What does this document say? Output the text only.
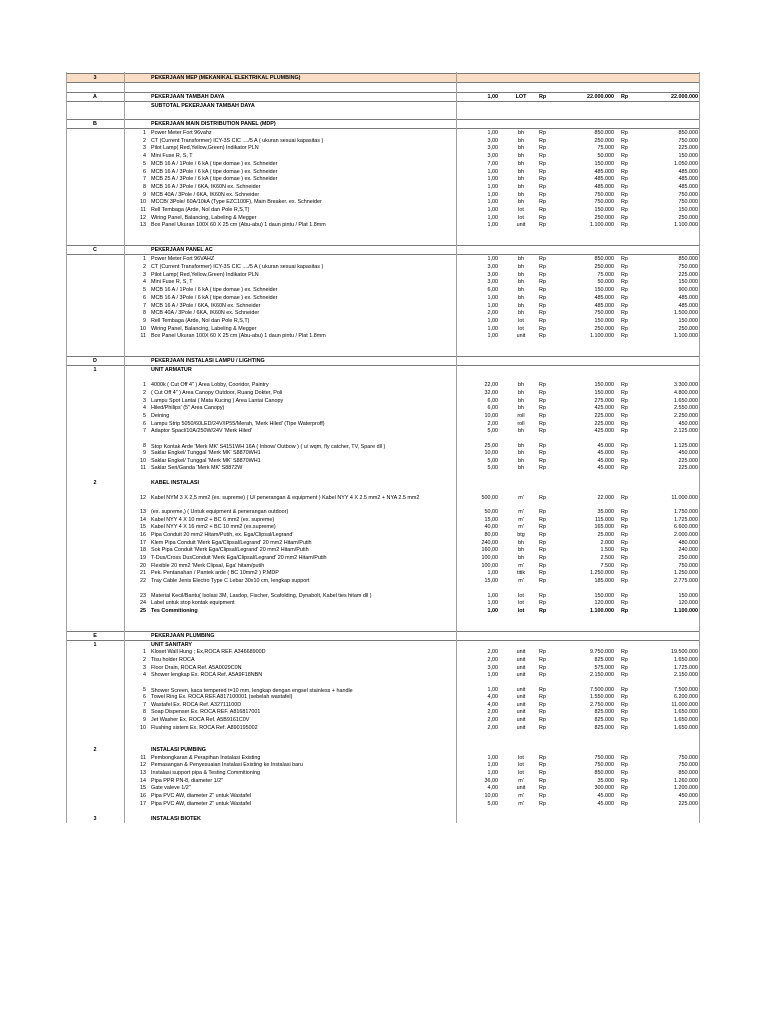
3	PEKERJAAN MEP (MEKANIKAL ELEKTRIKAL PLUMBING)
A	PEKERJAAN TAMBAH DAYA	1,00	LOT	Rp	22.000.000 Rp	22.000.000
SUBTOTAL PEKERJAAN TAMBAH DAYA
B	PEKERJAAN MAIN DISTRIBUTION PANEL (MDP)
1 Power Meter Fort 96vahz	1,00	bh	Rp	850.000 Rp	850.000
2 CT (Current Transformer) ICY-3S CIC ..../5 A ( ukuran sesuai kapasitas )	3,00	bh	Rp	250.000 Rp	750.000
3 Pilot Lamp( Red,Yellow,Green) Indikator PLN	3,00	bh	Rp	75.000 Rp	225.000
4 Mini Fuse R, S, T	3,00	bh	Rp	50.000 Rp	150.000
5 MCB 16 A / 1Pole / 6 kA ( tipe domae ) ex. Schneider	7,00	bh	Rp	150.000 Rp	1.050.000
6 MCB 16 A / 3Pole / 6 kA ( tipe domae ) ex. Schneider	1,00	bh	Rp	485.000 Rp	485.000
7 MCB 25 A / 3Pole / 6 kA ( tipe domae ) ex. Schneider	1,00	bh	Rp	485.000 Rp	485.000
8 MCB 16 A / 3Pole / 6KA, IK60N ex. Schneider	1,00	bh	Rp	485.000 Rp	485.000
9 MCB 40A / 3Pole / 6KA, IK60N ex. Schneider	1,00	bh	Rp	750.000 Rp	750.000
10 MCCB/ 3Pole/ 60A/10kA (Type EZC100F), Main Breaker. ex. Schneider	1,00	bh	Rp	750.000 Rp	750.000
11 Rell Tembaga (Arde, Nol dan Pole R,S,T)	1,00	lot	Rp	150.000 Rp	150.000
12 Wiring Panel, Balancing, Labeling & Megger	1,00	lot	Rp	250.000 Rp	250.000
13 Box Panel Ukuran 100X 60 X 25 cm (Abu-abu) 1 daun pintu / Plat 1.8mm	1,00	unit	Rp	1.100.000 Rp	1.100.000
C	PEKERJAAN PANEL AC
1 Power Meter Fort 96VAHZ	1,00	bh	Rp	850.000 Rp	850.000
2 CT (Current Transformer) ICY-3S CIC ..../5 A ( ukuran sesuai kapasitas )	3,00	bh	Rp	250.000 Rp	750.000
3 Pilot Lamp( Red,Yellow,Green) Indikator PLN	3,00	bh	Rp	75.000 Rp	225.000
4 Mini Fuse R, S, T	3,00	bh	Rp	50.000 Rp	150.000
5 MCB 16 A / 1Pole / 6 kA ( tipe domae ) ex. Schneider	6,00	bh	Rp	150.000 Rp	900.000
6 MCB 16 A / 3Pole / 6 kA ( tipe domae ) ex. Schneider	1,00	bh	Rp	485.000 Rp	485.000
7 MCB 16 A / 3Pole / 6KA, IK60N ex. Schneider	1,00	bh	Rp	485.000 Rp	485.000
8 MCB 40A / 3Pole / 6KA, IK60N ex. Schneider	2,00	bh	Rp	750.000 Rp	1.500.000
9 Rell Tembaga (Arde, Nol dan Pole R,S,T)	1,00	lot	Rp	150.000 Rp	150.000
10 Wiring Panel, Balancing, Labeling & Megger	1,00	lot	Rp	250.000 Rp	250.000
11 Box Panel Ukuran 100X 60 X 25 cm (Abu-abu) 1 daun pintu / Plat 1.8mm	1,00	unit	Rp	1.100.000 Rp	1.100.000
D	PEKERJAAN INSTALASI LAMPU / LIGHTING
1	UNIT ARMATUR
1 4000k ( Cut Off 4" ) Area Lobby, Cooridor, Paintry	22,00	bh	Rp	150.000 Rp	3.300.000
2 ( Cut Off 4" ) Area Canopy Outdoor, Ruang Dokter, Poli	32,00	bh	Rp	150.000 Rp	4.800.000
3 Lampu Spot Lantai ( Mata Kucing ) Area Lantai Canopy	6,00	bh	Rp	275.000 Rp	1.650.000
4 Hiled/Philips' (5" Area Canopy)	6,00	bh	Rp	425.000 Rp	2.550.000
5 Deining	10,00	roll	Rp	225.000 Rp	2.250.000
6 Lampu Strip 5050/60LED/24V/IP55/Merah, 'Merk Hiled' (Tipe Waterproff)	2,00	roll	Rp	225.000 Rp	450.000
7 Adaptor Spacl/10A/250W/24V 'Merk Hiled'	5,00	bh	Rp	425.000 Rp	2.125.000
8 Stop Kontak Arde 'Merk MK' S4151WH 16A ( Inbow/ Outbow ) ( u/ wqm, fly catcher, TV, Spare dll )	25,00	bh	Rp	45.000 Rp	1.125.000
9 Saklar Engkel/ Tunggal 'Merk MK' S8870WH1	10,00	bh	Rp	45.000 Rp	450.000
10 Saklar Engkel/ Tunggal 'Merk MK' S8870WH1	5,00	bh	Rp	45.000 Rp	225.000
11 Saklar Seri/Ganda 'Merk MK' S8872W	5,00	bh	Rp	45.000 Rp	225.000
2	KABEL INSTALASI
12 Kabel NYM 3 X 2,5 mm2 (ex. supreme) ( U/ penerangan & equipment ) Kabel NYY 4 X 2.5 mm2 + NYA 2.5 mm2	500,00	m'	Rp	22.000 Rp	11.000.000
13 (ex. supreme,) ( Untuk equipment & penerangan outdoor)	50,00	m'	Rp	35.000 Rp	1.750.000
14 Kabel NYY 4 X 10 mm2 + BC 6 mm2 (ex. supreme)	15,00	m'	Rp	115.000 Rp	1.725.000
15 Kabel NYY 4 X 16 mm2 + BC 10 mm2 (ex.supreme)	40,00	m'	Rp	165.000 Rp	6.600.000
16 Pipa Conduit 20 mm2 Hitam/Putih, ex. Ega/Clipsal/Legrand'	80,00	btg	Rp	25.000 Rp	2.000.000
17 Klem Pipa Conduit 'Merk Ega/Clipsal/Legrand' 20 mm2 Hitam/Putih	240,00	bh	Rp	2.000 Rp	480.000
18 Sok Pipa Conduit 'Merk Ega/Clipsal/Legrand' 20 mm2 Hitam/Putih	160,00	bh	Rp	1.500 Rp	240.000
19 T-Dus/Cross DusConduit 'Merk Ega/Clipsal/Legrand' 20 mm2 Hitam/Putih	100,00	bh	Rp	2.500 Rp	250.000
20 Flexible 20 mm2 'Merk Clipsal, Ega' hitam/putih	100,00	m'	Rp	7.500 Rp	750.000
21 Pek. Pentanahan / Pantek arde ( BC 10mm2 ) P.MDP	1,00	titik	Rp	1.250.000 Rp	1.250.000
22 Tray Cable Jenis Electro Type C Lebar 30x10 cm, lengkap support	15,00	m'	Rp	185.000 Rp	2.775.000
23 Material Kecil/Bantu( Isolasi 3M, Lasdop, Fischer, Scafolding, Dynabolt, Kabel ties hitam dll )	1,00	lot	Rp	150.000 Rp	150.000
24 Label untuk stop kontak equipment	1,00	lot	Rp	120.000 Rp	120.000
25 Tes Commitioning	1,00	lot	Rp	1.100.000 Rp	1.100.000
E	PEKERJAAN PLUMBING
1	UNIT SANITARY
1 Kloset Wall Hung ; Ex,ROCA REF. A34668900D	2,00	unit	Rp	9.750.000 Rp	19.500.000
2 Tisu holder ROCA	2,00	unit	Rp	825.000 Rp	1.650.000
3 Floor Drain, ROCA Ref. A5A0029C0N	3,00	unit	Rp	575.000 Rp	1.725.000
4 Shower lengkap Ex. ROCA Ref. A5A9F18NBN	1,00	unit	Rp	2.150.000 Rp	2.150.000
5 Shower Screen, kaca tempered t=10 mm, lengkap dengan engsel stainless + handle	1,00	unit	Rp	7.500.000 Rp	7.500.000
6 Towel Ring Ex. ROCA REF.A817100001 (sebelah wastafel)	4,00	unit	Rp	1.550.000 Rp	6.200.000
7 Wastafel Ex. ROCA Ref. A32711100D	4,00	unit	Rp	2.750.000 Rp	11.000.000
8 Soap Dispenser Ex. ROCA REF. A816817001	2,00	unit	Rp	825.000 Rp	1.650.000
9 Jet Washer Ex. ROCA Ref. A5B9161C0V	2,00	unit	Rp	825.000 Rp	1.650.000
10 Flushing sistem Ex. ROCA Ref. A890195002	2,00	unit	Rp	825.000 Rp	1.650.000
2	INSTALASI PUMBING
11 Pembongkaran & Perapihan Instalasi Existing	1,00	lot	Rp	750.000 Rp	750.000
12 Pemasangan & Penyesuaian Instalasi Existing ke Instalasi baru	1,00	lot	Rp	750.000 Rp	750.000
13 Instalasi support pipa & Testing Commitioning	1,00	lot	Rp	850.000 Rp	850.000
14 Pipa PPR PN-8, diameter 1/2"	36,00	m'	Rp	35.000 Rp	1.260.000
15 Gate valeve 1/2"	4,00	unit	Rp	300.000 Rp	1.200.000
16 Pipa PVC AW, diameter 2" untuk Wastafel	10,00	m'	Rp	45.000 Rp	450.000
17 Pipa PVC AW, diameter 2" untuk Wastafel	5,00	m'	Rp	45.000 Rp	225.000
3	INSTALASI BIOTEK
